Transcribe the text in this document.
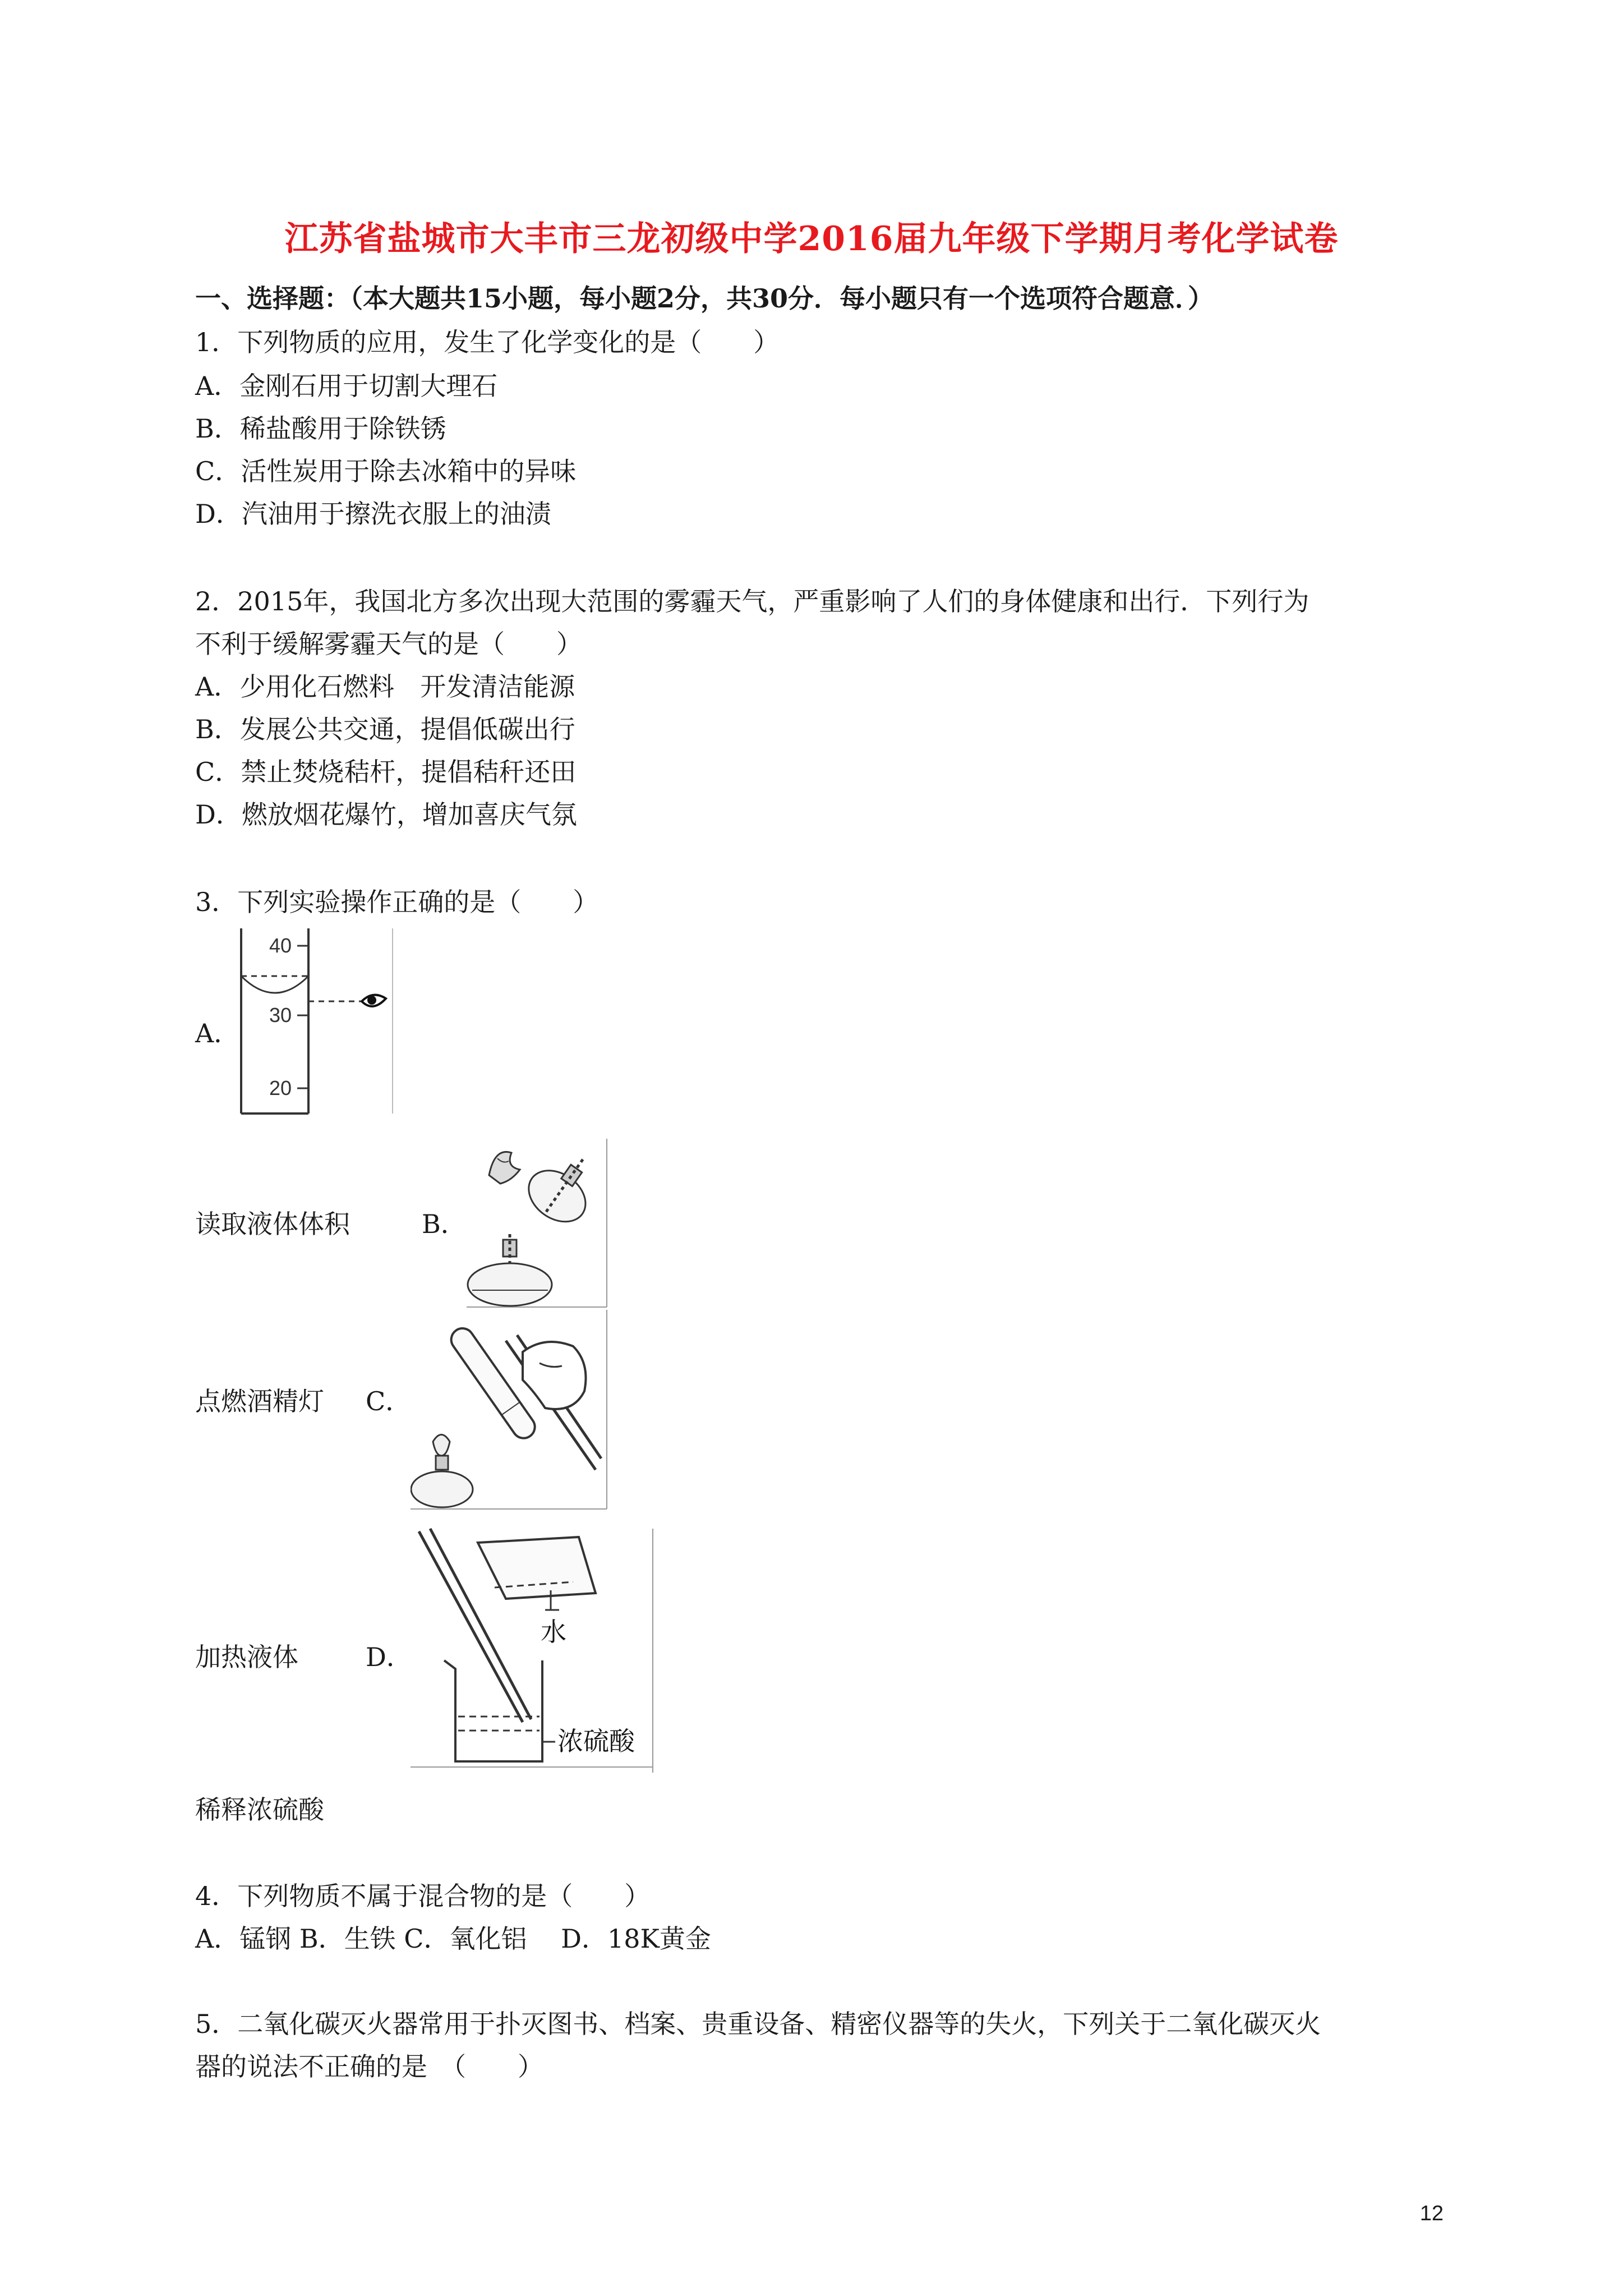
江苏省盐城市大丰市三龙初级中学2016届九年级下学期月考化学试卷
一、选择题：（本大题共15小题，每小题2分，共30分．每小题只有一个选项符合题意．）
1．下列物质的应用，发生了化学变化的是（　　）
A．金刚石用于切割大理石
B．稀盐酸用于除铁锈
C．活性炭用于除去冰箱中的异味
D．汽油用于擦洗衣服上的油渍
2．2015年，我国北方多次出现大范围的雾霾天气，严重影响了人们的身体健康和出行．下列行为
不利于缓解雾霾天气的是（　　）
A．少用化石燃料　开发清洁能源
B．发展公共交通，提倡低碳出行
C．禁止焚烧秸杆，提倡秸秆还田
D．燃放烟花爆竹，增加喜庆气氛
3．下列实验操作正确的是（　　）
A．
40
30
20
读取液体体积	B．
点燃酒精灯 C．
加热液体	D．
水
浓硫酸
稀释浓硫酸
4．下列物质不属于混合物的是（　　）
A．锰钢 B．生铁 C．氧化铝　 D．18K黄金
5．二氧化碳灭火器常用于扑灭图书、档案、贵重设备、精密仪器等的失火，下列关于二氧化碳灭火
器的说法不正确的是　（　　）
12
